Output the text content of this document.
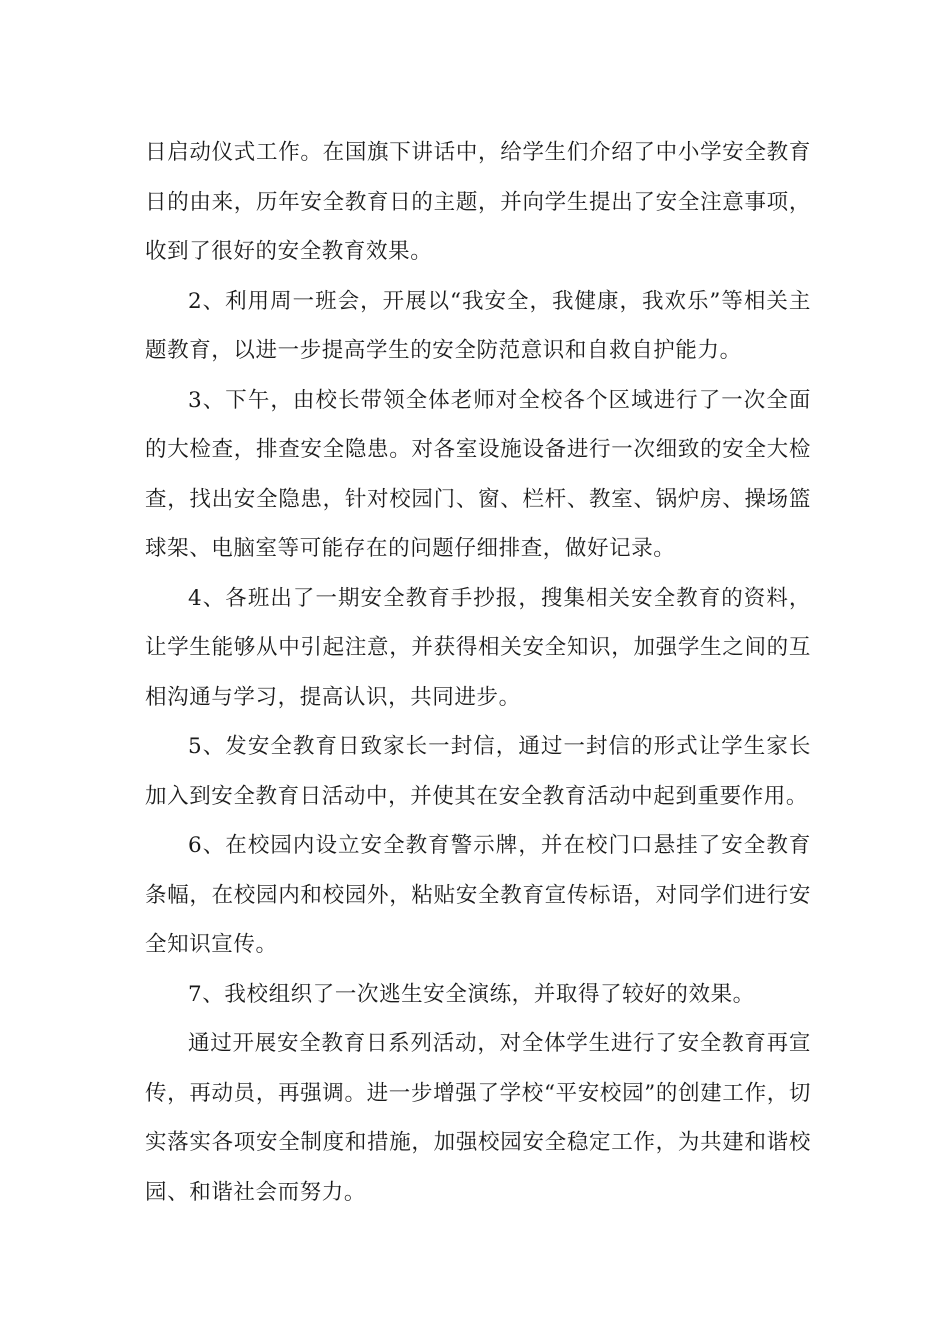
日启动仪式工作。在国旗下讲话中，给学生们介绍了中小学安全教育日的由来，历年安全教育日的主题，并向学生提出了安全注意事项，收到了很好的安全教育效果。

2、利用周一班会，开展以“我安全，我健康，我欢乐”等相关主题教育，以进一步提高学生的安全防范意识和自救自护能力。

3、下午，由校长带领全体老师对全校各个区域进行了一次全面的大检查，排查安全隐患。对各室设施设备进行一次细致的安全大检查，找出安全隐患，针对校园门、窗、栏杆、教室、锅炉房、操场篮球架、电脑室等可能存在的问题仔细排查，做好记录。

4、各班出了一期安全教育手抄报，搜集相关安全教育的资料，让学生能够从中引起注意，并获得相关安全知识，加强学生之间的互相沟通与学习，提高认识，共同进步。

5、发安全教育日致家长一封信，通过一封信的形式让学生家长加入到安全教育日活动中，并使其在安全教育活动中起到重要作用。

6、在校园内设立安全教育警示牌，并在校门口悬挂了安全教育条幅，在校园内和校园外，粘贴安全教育宣传标语，对同学们进行安全知识宣传。

7、我校组织了一次逃生安全演练，并取得了较好的效果。

通过开展安全教育日系列活动，对全体学生进行了安全教育再宣传，再动员，再强调。进一步增强了学校“平安校园”的创建工作，切实落实各项安全制度和措施，加强校园安全稳定工作，为共建和谐校园、和谐社会而努力。
